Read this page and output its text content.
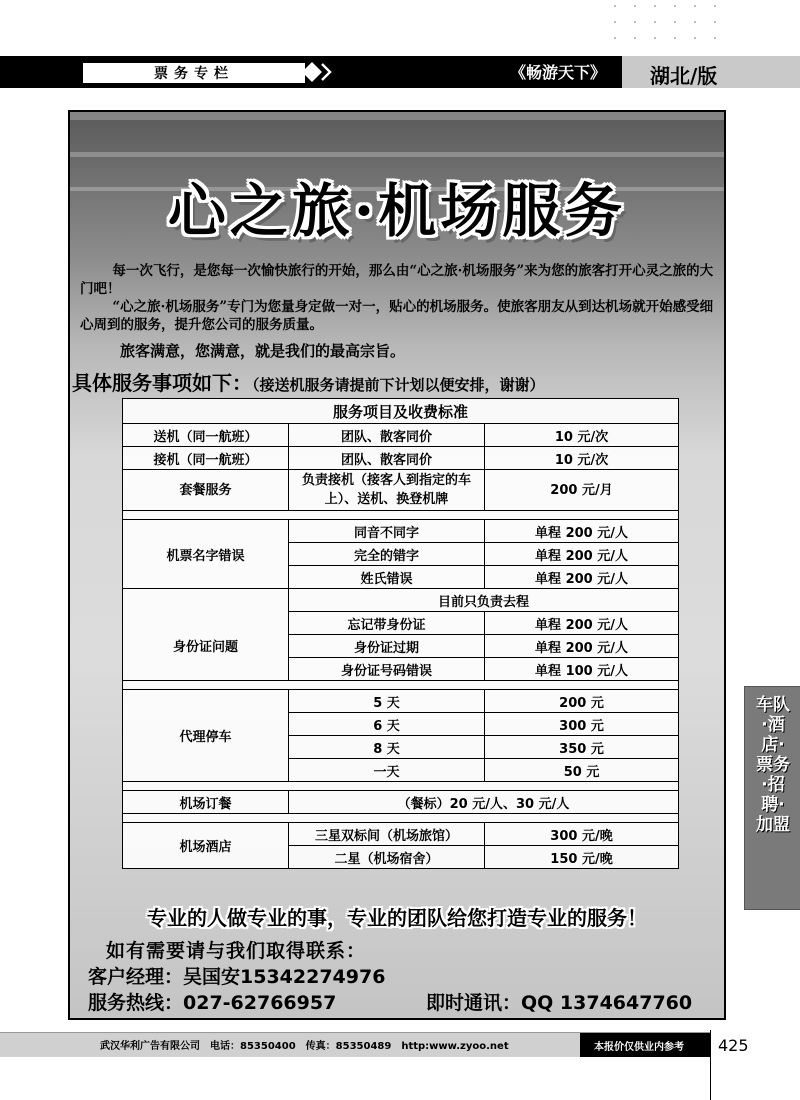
票务专栏	《畅游天下》 湖北/版
心之旅·机场服务

每一次飞行，是您每一次愉快旅行的开始，那么由“心之旅·机场服务”来为您的旅客打开心灵之旅的大门吧！

“心之旅·机场服务”专门为您量身定做一对一，贴心的机场服务。使旅客朋友从到达机场就开始感受细心周到的服务，提升您公司的服务质量。

旅客满意，您满意，就是我们的最高宗旨。
具体服务事项如下：（接送机服务请提前下计划以便安排，谢谢）
服务项目及收费标准		
送机（同一航班）	团队、散客同价	10 元/次
接机（同一航班）	团队、散客同价	10 元/次
套餐服务	负责接机（接客人到指定的车上）、送机、换登机牌	200 元/月

机票名字错误	同音不同字	单程 200 元/人
	完全的错字	单程 200 元/人
	姓氏错误	单程 200 元/人
	目前只负责去程	
身份证问题	忘记带身份证	单程 200 元/人
	身份证过期	单程 200 元/人
	身份证号码错误	单程 100 元/人

代理停车	5 天	200 元
	6 天	300 元
	8 天	350 元
	一天	50 元

机场订餐	（餐标）20 元/人、30 元/人	

机场酒店	三星双标间（机场旅馆）	300 元/晚
	二星（机场宿舍）	150 元/晚
专业的人做专业的事，专业的团队给您打造专业的服务！
如有需要请与我们取得联系：
客户经理：吴国安15342274976
服务热线：027-62766957	即时通讯：QQ 1374647760
车队·酒店·票务·招聘·加盟
武汉华利广告有限公司　电话：85350400　传真：85350489　http:www.zyoo.net	本报价仅供业内参考 425
